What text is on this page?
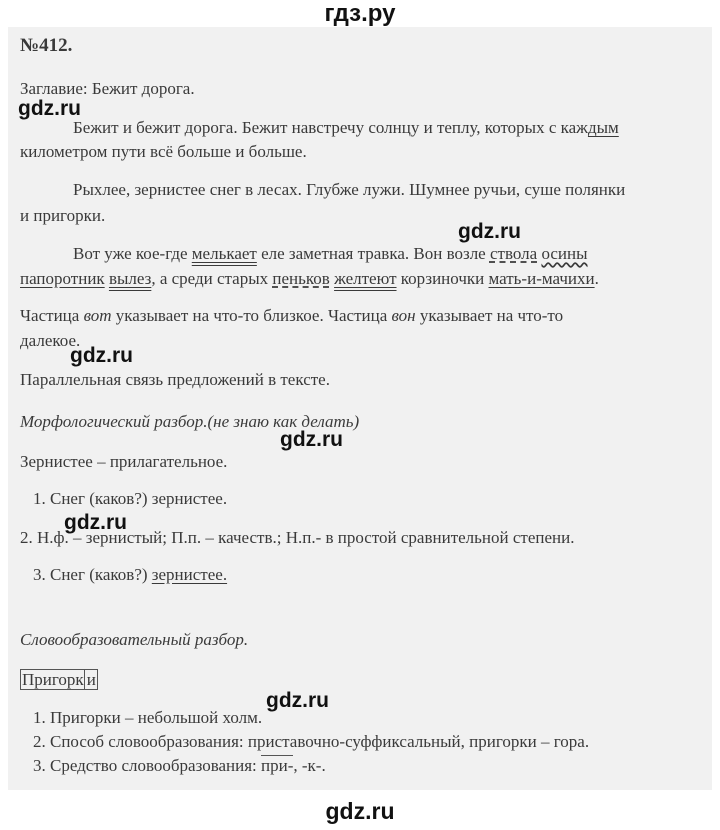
гдз.ру
№412.
Заглавие: Бежит дорога.
gdz.ru
Бежит и бежит дорога. Бежит навстречу солнцу и теплу, которых с каждым
километром пути всё больше и больше.
Рыхлее, зернистее снег в лесах. Глубже лужи. Шумнее ручьи, суше полянки
и пригорки.
gdz.ru
Вот уже кое-где мелькает еле заметная травка. Вон возле ствола осины
папоротник вылез, а среди старых пеньков желтеют корзиночки мать-и-мачихи.
Частица вот указывает на что-то близкое. Частица вон указывает на что-то
далекое.
gdz.ru
Параллельная связь предложений в тексте.
Морфологический разбор.(не знаю как делать)
gdz.ru
Зернистее – прилагательное.
1. Снег (каков?) зернистее.
gdz.ru
2. Н.ф. – зернистый; П.п. – качеств.; Н.п.- в простой сравнительной степени.
3. Снег (каков?) зернистее.
Словообразовательный разбор.
Пригорк и
gdz.ru
1. Пригорки – небольшой холм.
2. Способ словообразования: приставочно-суффиксальный, пригорки – гора.
3. Средство словообразования: при-, -к-.
gdz.ru
